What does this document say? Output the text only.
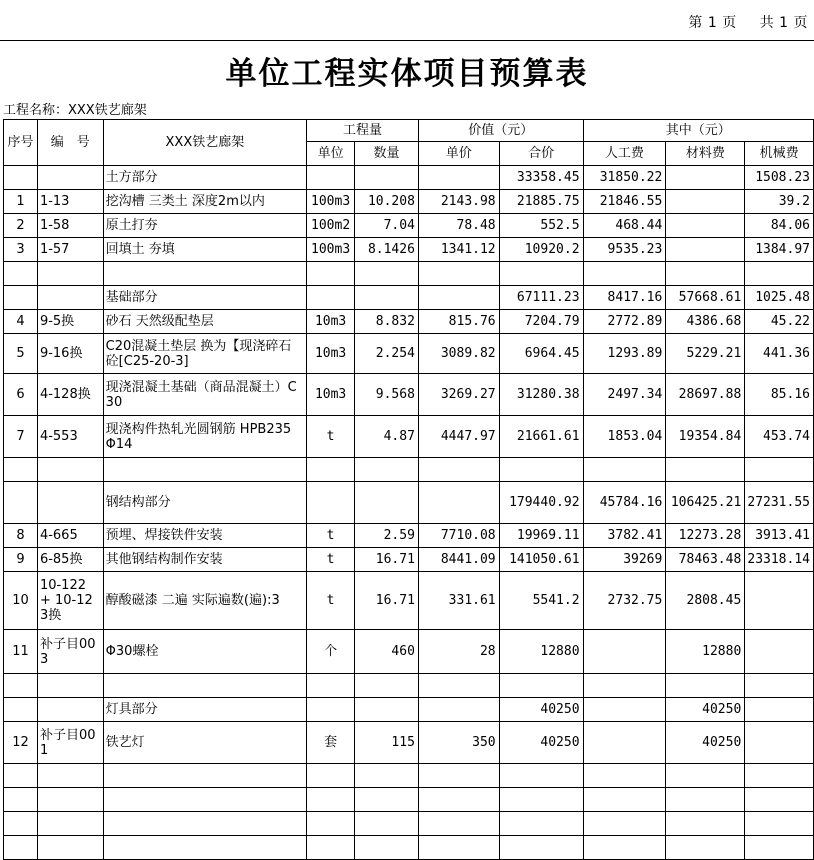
第 1 页 共 1 页
单位工程实体项目预算表
工程名称：XXX铁艺廊架
序号	编　号	XXX铁艺廊架	工程量		价值（元）		其中（元）		
			单位	数量	单价	合价	人工费	材料费	机械费
		土方部分				33358.45	31850.22		1508.23
1	1-13	挖沟槽 三类土 深度2m以内	100m3	10.208	2143.98	21885.75	21846.55		39.2
2	1-58	原土打夯	100m2	7.04	78.48	552.5	468.44		84.06
3	1-57	回填土 夯填	100m3	8.1426	1341.12	10920.2	9535.23		1384.97

		基础部分				67111.23	8417.16	57668.61	1025.48
4	9-5换	砂石 天然级配垫层	10m3	8.832	815.76	7204.79	2772.89	4386.68	45.22
5	9-16换	C20混凝土垫层 换为【现浇碎石砼[C25-20-3]	10m3	2.254	3089.82	6964.45	1293.89	5229.21	441.36
6	4-128换	现浇混凝土基础（商品混凝土）C30	10m3	9.568	3269.27	31280.38	2497.34	28697.88	85.16
7	4-553	现浇构件热轧光圆钢筋 HPB235 Φ14	t	4.87	4447.97	21661.61	1853.04	19354.84	453.74

		钢结构部分				179440.92	45784.16	106425.21	27231.55
8	4-665	预埋、焊接铁件安装	t	2.59	7710.08	19969.11	3782.41	12273.28	3913.41
9	6-85换	其他钢结构制作安装	t	16.71	8441.09	141050.61	39269	78463.48	23318.14
10	10-122 + 10-123换	醇酸磁漆 二遍 实际遍数(遍):3	t	16.71	331.61	5541.2	2732.75	2808.45	
11	补子目003	Φ30螺栓	个	460	28	12880		12880	

		灯具部分				40250		40250	
12	补子目001	铁艺灯	套	115	350	40250		40250	
